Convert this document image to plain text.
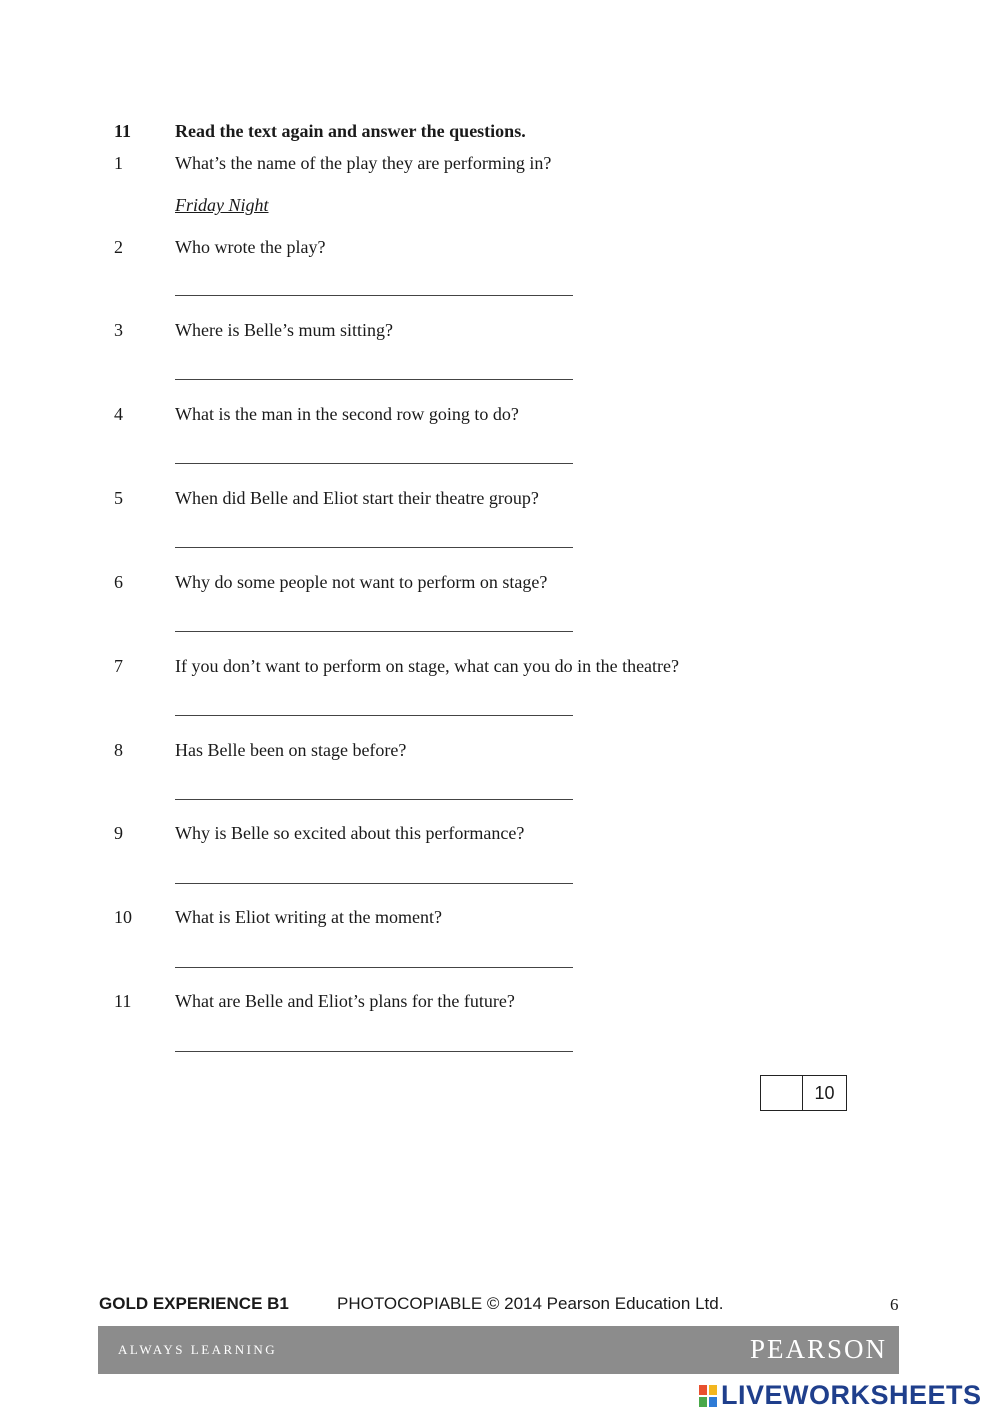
11 Read the text again and answer the questions.
1	What’s the name of the play they are performing in?
Friday Night
2	Who wrote the play?
3	Where is Belle’s mum sitting?
4	What is the man in the second row going to do?
5	When did Belle and Eliot start their theatre group?
6	Why do some people not want to perform on stage?
7	If you don’t want to perform on stage, what can you do in the theatre?
8	Has Belle been on stage before?
9	Why is Belle so excited about this performance?
10 What is Eliot writing at the moment?
11 What are Belle and Eliot’s plans for the future?
10
GOLD EXPERIENCE B1	PHOTOCOPIABLE © 2014 Pearson Education Ltd.	6
ALWAYS LEARNING	PEARSON
LIVEWORKSHEETS
